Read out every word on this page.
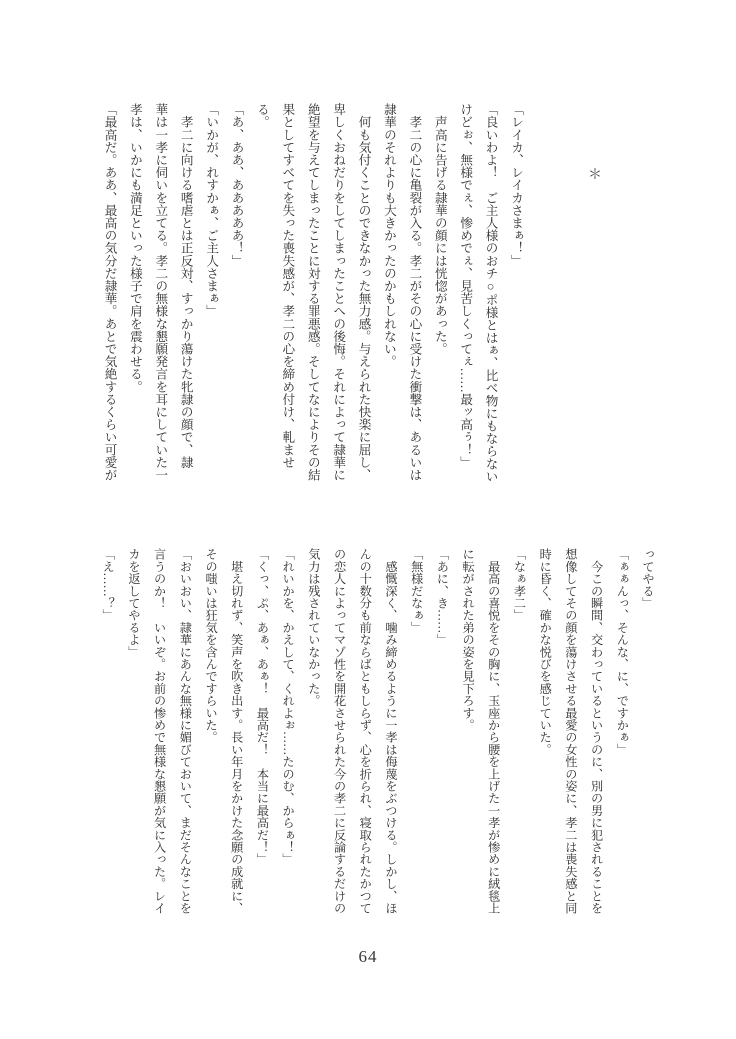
＊
「レイカ、レイカさまぁ！」
「良いわよ！　ご主人様のおチ○ポ様とはぁ、比べ物にもならない
けどぉ、無様でぇ、惨めでぇ、見苦しくってぇ……最ッ高ぅ！」
　声高に告げる隷華の顔には恍惚があった。
　孝二の心に亀裂が入る。孝二がその心に受けた衝撃は、あるいは
隷華のそれよりも大きかったのかもしれない。
　何も気付くことのできなかった無力感。与えられた快楽に屈し、
卑しくおねだりをしてしまったことへの後悔。それによって隷華に
絶望を与えてしまったことに対する罪悪感。そしてなによりその結
果としてすべてを失った喪失感が、孝二の心を締め付け、軋ませ
る。
「あ、ああ、あああああ！」
「いかが、れすかぁ、ご主人さまぁ」
　孝二に向ける嗜虐とは正反対、すっかり蕩けた牝隷の顔で、隷
華は一孝に伺いを立てる。孝二の無様な懇願発言を耳にしていた一
孝は、いかにも満足といった様子で肩を震わせる。
「最高だ。ああ、最高の気分だ隷華。あとで気絶するくらい可愛が
ってやる」
「ぁぁんっ、そんな、に、ですかぁ」
　今この瞬間、交わっているというのに、別の男に犯されることを
想像してその顔を蕩けさせる最愛の女性の姿に、孝二は喪失感と同
時に昏く、確かな悦びを感じていた。
「なぁ孝二」
　最高の喜悦をその胸に、玉座から腰を上げた一孝が惨めに絨毯上
に転がされた弟の姿を見下ろす。
「あに、き……」
「無様だなぁ」
　感慨深く、噛み締めるように一孝は侮蔑をぶつける。しかし、ほ
んの十数分も前ならばともしらず、心を折られ、寝取られたかつて
の恋人によってマゾ性を開花させられた今の孝二に反論するだけの
気力は残されていなかった。
「れいかを、かえして、くれよぉ……たのむ、からぁ！」
「くっ、ぷ、あぁ、あぁ！　最高だ！　本当に最高だ！」
　堪え切れず、笑声を吹き出す。長い年月をかけた念願の成就に、
その嗤いは狂気を含んですらいた。
「おいおい、隷華にあんな無様に媚びておいて、まだそんなことを
言うのか！　いいぞ。お前の惨めで無様な懇願が気に入った。レイ
カを返してやるよ」
「え……？」
64
